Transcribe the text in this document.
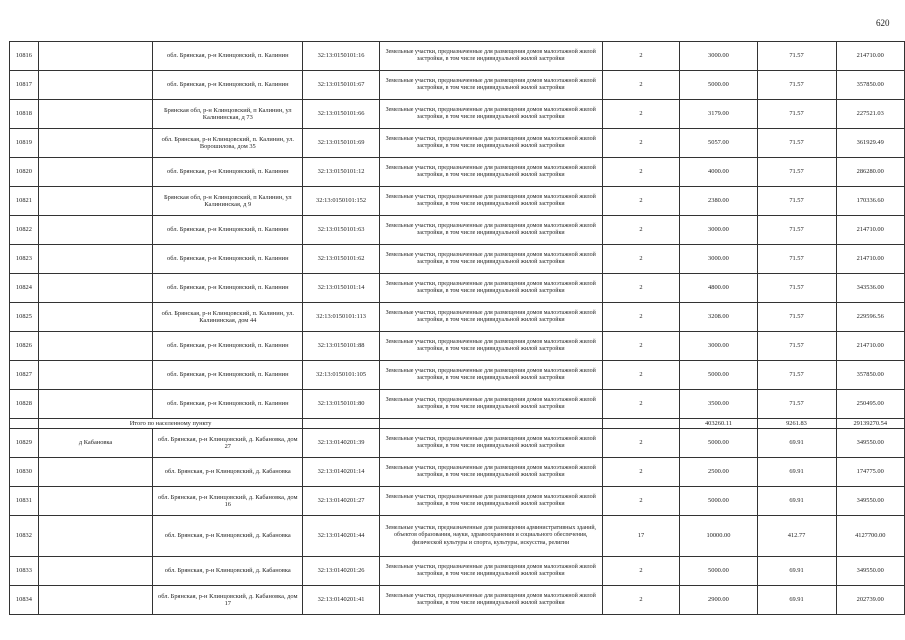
620
10816		обл. Брянская, р-н Клинцовский, п. Калинин	32:13:0150101:16	Земельные участки, предназначенные для размещения домов малоэтажной жилой застройки, в том числе индивидуальной жилой застройки	2	3000.00	71.57	214710.00
10817		обл. Брянская, р-н Клинцовский, п. Калинин	32:13:0150101:67	Земельные участки, предназначенные для размещения домов малоэтажной жилой застройки, в том числе индивидуальной жилой застройки	2	5000.00	71.57	357850.00
10818		Брянская обл, р-н Клинцовский, п Калинин, ул Калининская, д 73	32:13:0150101:66	Земельные участки, предназначенные для размещения домов малоэтажной жилой застройки, в том числе индивидуальной жилой застройки	2	3179.00	71.57	227521.03
10819		обл. Брянская, р-н Клинцовский, п. Калинин, ул. Ворошилова, дом 35	32:13:0150101:69	Земельные участки, предназначенные для размещения домов малоэтажной жилой застройки, в том числе индивидуальной жилой застройки	2	5057.00	71.57	361929.49
10820		обл. Брянская, р-н Клинцовский, п. Калинин	32:13:0150101:12	Земельные участки, предназначенные для размещения домов малоэтажной жилой застройки, в том числе индивидуальной жилой застройки	2	4000.00	71.57	286280.00
10821		Брянская обл, р-н Клинцовский, п Калинин, ул Калининская, д 9	32:13:0150101:152	Земельные участки, предназначенные для размещения домов малоэтажной жилой застройки, в том числе индивидуальной жилой застройки	2	2380.00	71.57	170336.60
10822		обл. Брянская, р-н Клинцовский, п. Калинин	32:13:0150101:63	Земельные участки, предназначенные для размещения домов малоэтажной жилой застройки, в том числе индивидуальной жилой застройки	2	3000.00	71.57	214710.00
10823		обл. Брянская, р-н Клинцовский, п. Калинин	32:13:0150101:62	Земельные участки, предназначенные для размещения домов малоэтажной жилой застройки, в том числе индивидуальной жилой застройки	2	3000.00	71.57	214710.00
10824		обл. Брянская, р-н Клинцовский, п. Калинин	32:13:0150101:14	Земельные участки, предназначенные для размещения домов малоэтажной жилой застройки, в том числе индивидуальной жилой застройки	2	4800.00	71.57	343536.00
10825		обл. Брянская, р-н Клинцовский, п. Калинин, ул. Калининская, дом 44	32:13:0150101:113	Земельные участки, предназначенные для размещения домов малоэтажной жилой застройки, в том числе индивидуальной жилой застройки	2	3208.00	71.57	229596.56
10826		обл. Брянская, р-н Клинцовский, п. Калинин	32:13:0150101:88	Земельные участки, предназначенные для размещения домов малоэтажной жилой застройки, в том числе индивидуальной жилой застройки	2	3000.00	71.57	214710.00
10827		обл. Брянская, р-н Клинцовский, п. Калинин	32:13:0150101:105	Земельные участки, предназначенные для размещения домов малоэтажной жилой застройки, в том числе индивидуальной жилой застройки	2	5000.00	71.57	357850.00
10828		обл. Брянская, р-н Клинцовский, п. Калинин	32:13:0150101:80	Земельные участки, предназначенные для размещения домов малоэтажной жилой застройки, в том числе индивидуальной жилой застройки	2	3500.00	71.57	250495.00
	Итого по населенному пункту					403260.11	9261.83	29139270.54
10829	д Кабановка	обл. Брянская, р-н Клинцовский, д. Кабановка, дом 27	32:13:0140201:39	Земельные участки, предназначенные для размещения домов малоэтажной жилой застройки, в том числе индивидуальной жилой застройки	2	5000.00	69.91	349550.00
10830		обл. Брянская, р-н Клинцовский, д. Кабановка	32:13:0140201:14	Земельные участки, предназначенные для размещения домов малоэтажной жилой застройки, в том числе индивидуальной жилой застройки	2	2500.00	69.91	174775.00
10831		обл. Брянская, р-н Клинцовский, д. Кабановка, дом 16	32:13:0140201:27	Земельные участки, предназначенные для размещения домов малоэтажной жилой застройки, в том числе индивидуальной жилой застройки	2	5000.00	69.91	349550.00
10832		обл. Брянская, р-н Клинцовский, д. Кабановка	32:13:0140201:44	Земельные участки, предназначенные для размещения административных зданий, объектов образования, науки, здравоохранения и социального обеспечения, физической культуры и спорта, культуры, искусства, религии	17	10000.00	412.77	4127700.00
10833		обл. Брянская, р-н Клинцовский, д. Кабановка	32:13:0140201:26	Земельные участки, предназначенные для размещения домов малоэтажной жилой застройки, в том числе индивидуальной жилой застройки	2	5000.00	69.91	349550.00
10834		обл. Брянская, р-н Клинцовский, д. Кабановка, дом 17	32:13:0140201:41	Земельные участки, предназначенные для размещения домов малоэтажной жилой застройки, в том числе индивидуальной жилой застройки	2	2900.00	69.91	202739.00
